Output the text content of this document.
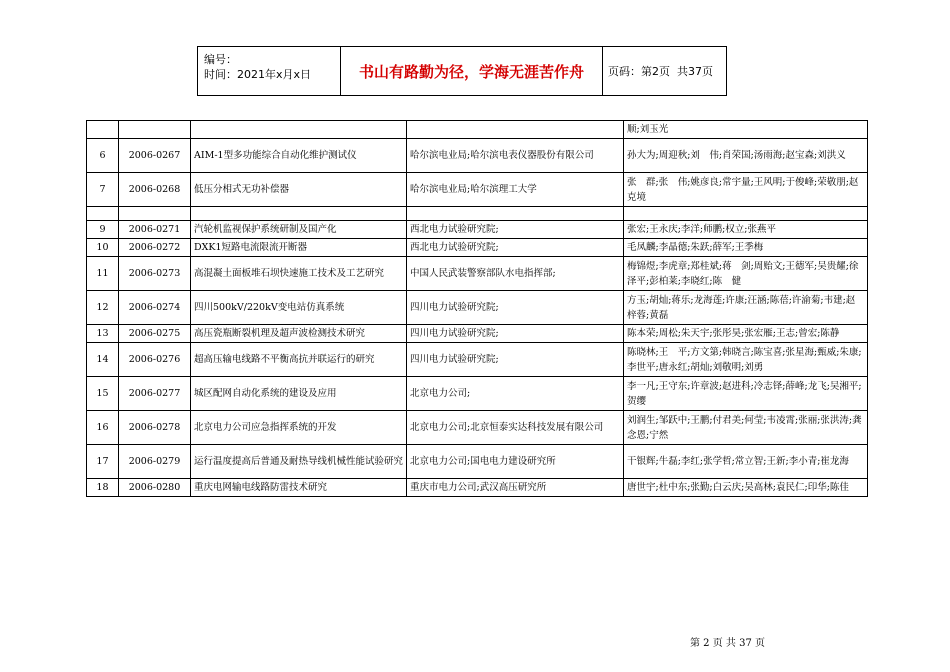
编号：
时间：2021年x月x日	书山有路勤为径，学海无涯苦作舟	页码：第2页  共37页
				顺;刘玉光
6	2006-0267	AIM-1型多功能综合自动化维护测试仪	哈尔滨电业局;哈尔滨电表仪器股份有限公司	孙大为;周迎秋;刘　伟;肖荣国;汤雨海;赵宝森;刘洪义
7	2006-0268	低压分相式无功补偿器	哈尔滨电业局;哈尔滨理工大学	张　群;张　伟;姚彦良;常宇量;王风明;于俊峰;荣敬朋;赵克境

9	2006-0271	汽轮机监视保护系统研制及国产化	西北电力试验研究院;	张宏;王永庆;李洋;师鹏;权立;张燕平
10	2006-0272	DXK1短路电流限流开断器	西北电力试验研究院;	毛凤麟;李晶德;朱跃;薛军;王季梅
11	2006-0273	高混凝土面板堆石坝快速施工技术及工艺研究	中国人民武装警察部队水电指挥部;	梅锦煜;李虎章;郑桂斌;蒋　剑;周贻文;王德军;吴贵耀;徐泽平;彭柏莱;李晓红;陈　健
12	2006-0274	四川500kV/220kV变电站仿真系统	四川电力试验研究院;	方玉;胡灿;蒋乐;龙海莲;许康;汪涵;陈蓓;许渝菊;韦建;赵梓蓉;黄磊
13	2006-0275	高压瓷瓶断裂机理及超声波检测技术研究	四川电力试验研究院;	陈本荣;周松;朱天宇;张彤昊;张宏雁;王志;曾宏;陈静
14	2006-0276	超高压输电线路不平衡高抗并联运行的研究	四川电力试验研究院;	陈晓林;王　平;方文第;韩晓言;陈宝喜;张星海;甄威;朱康;李世平;唐永红;胡灿;刘敬明;刘勇
15	2006-0277	城区配网自动化系统的建设及应用	北京电力公司;	李一凡;王守东;许章波;赵进科;冷志铎;薛峰;龙飞;吴湘平;贺缨
16	2006-0278	北京电力公司应急指挥系统的开发	北京电力公司;北京恒泰实达科技发展有限公司	刘润生;邹跃中;王鹏;付君美;何莹;韦凌霄;张丽;张洪涛;龚念恩;宁然
17	2006-0279	运行温度提高后普通及耐热导线机械性能试验研究	北京电力公司;国电电力建设研究所	干银辉;牛磊;李红;张学哲;常立智;王新;李小青;崔龙海
18	2006-0280	重庆电网输电线路防雷技术研究	重庆市电力公司;武汉高压研究所	唐世宇;杜中东;张勤;白云庆;吴高林;袁民仁;印华;陈佳
第 2 页 共 37 页
